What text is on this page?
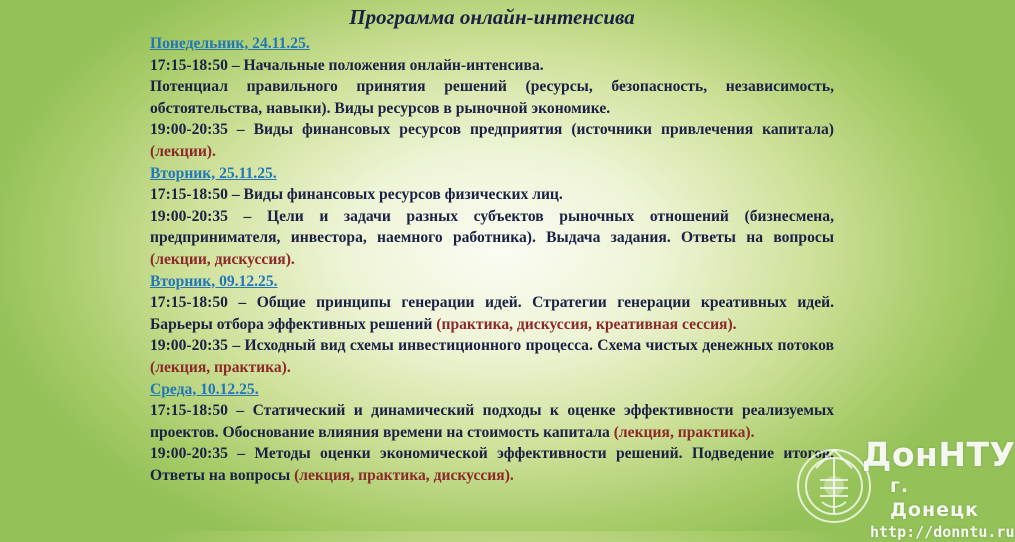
Программа онлайн-интенсива
Понедельник, 24.11.25.

17:15-18:50 – Начальные положения онлайн-интенсива.

Потенциал правильного принятия решений (ресурсы, безопасность, независимость, обстоятельства, навыки). Виды ресурсов в рыночной экономике.

19:00-20:35 – Виды финансовых ресурсов предприятия (источники привлечения капитала) (лекции).

Вторник, 25.11.25.

17:15-18:50 – Виды финансовых ресурсов физических лиц.

19:00-20:35 – Цели и задачи разных субъектов рыночных отношений (бизнесмена, предпринимателя, инвестора, наемного работника). Выдача задания. Ответы на вопросы (лекции, дискуссия).

Вторник, 09.12.25.

17:15-18:50 – Общие принципы генерации идей. Стратегии генерации креативных идей. Барьеры отбора эффективных решений (практика, дискуссия, креативная сессия).

19:00-20:35 – Исходный вид схемы инвестиционного процесса. Схема чистых денежных потоков (лекция, практика).

Среда, 10.12.25.

17:15-18:50 – Статический и динамический подходы к оценке эффективности реализуемых проектов. Обоснование влияния времени на стоимость капитала (лекция, практика).

19:00-20:35 – Методы оценки экономической эффективности решений. Подведение итогов. Ответы на вопросы (лекция, практика, дискуссия).

ДонНТУ
г. Донецк
http://donntu.ru
